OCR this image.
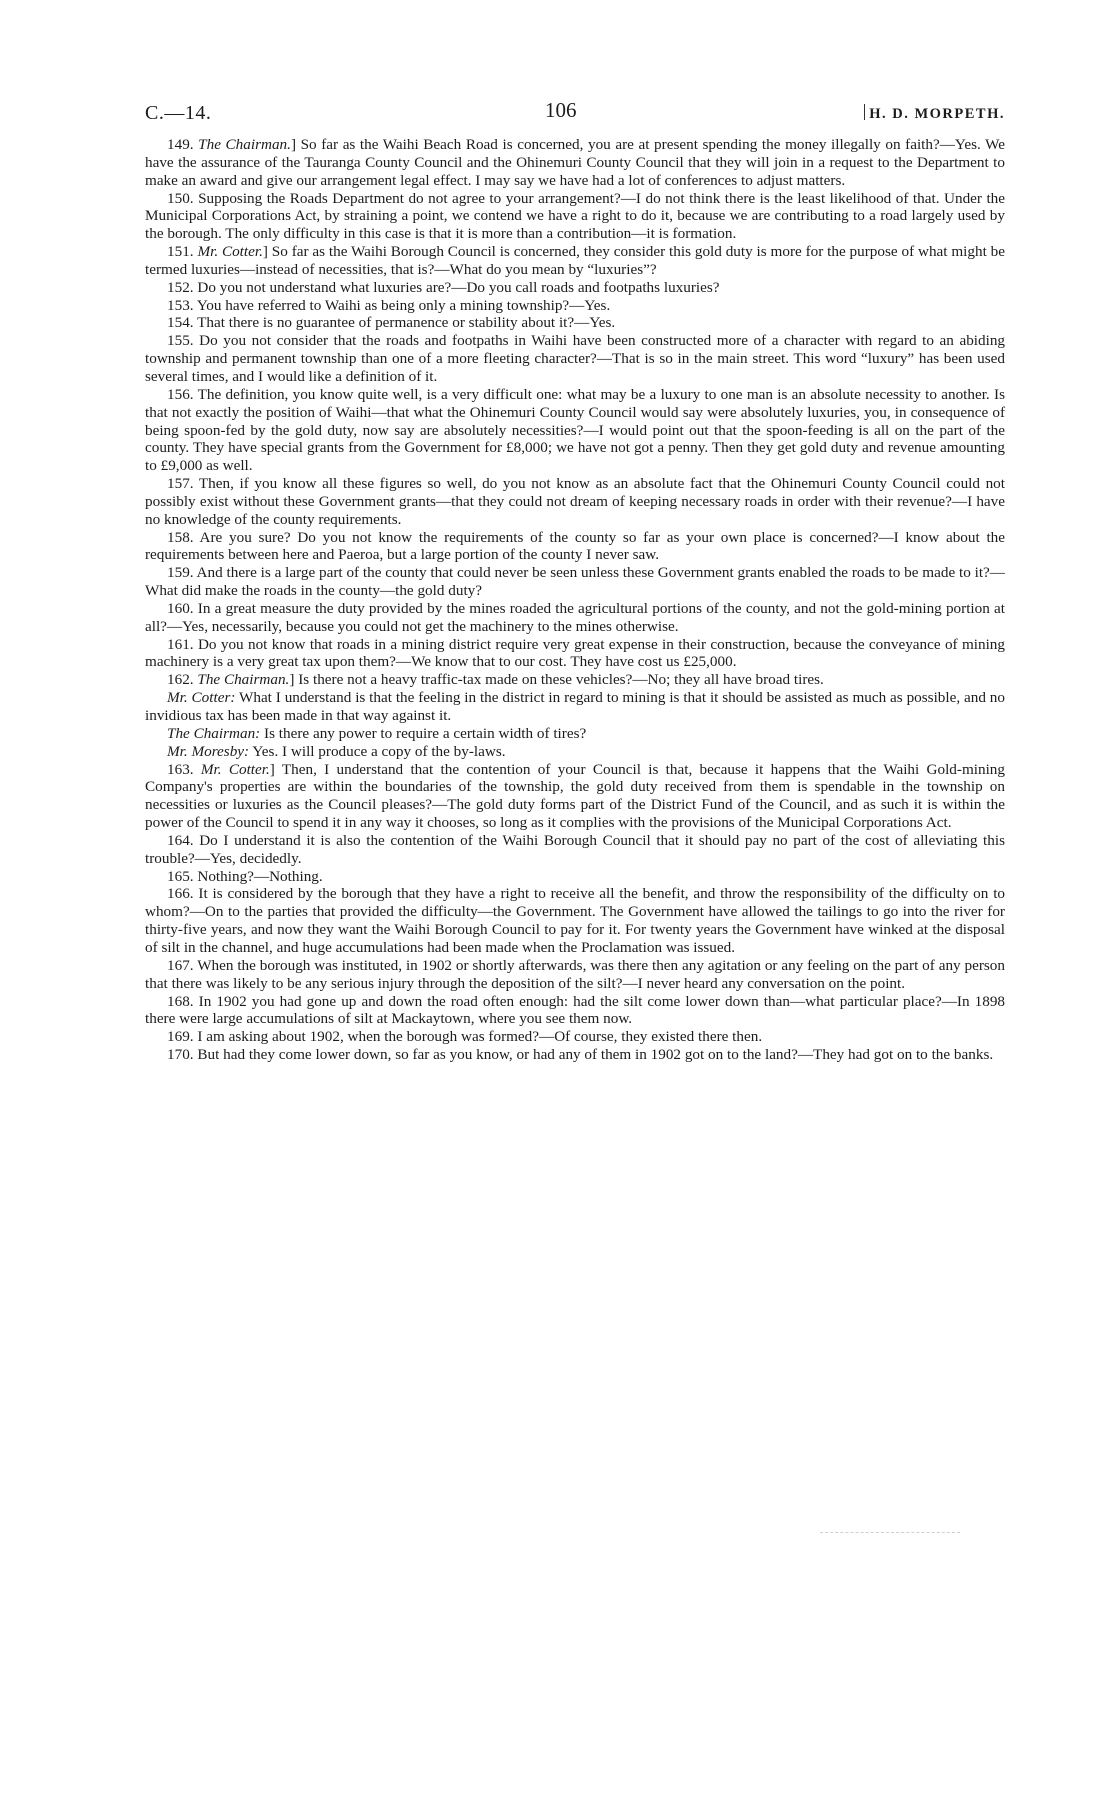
C.—14.	106	H. D. MORPETH.

149. The Chairman.] So far as the Waihi Beach Road is concerned, you are at present spending the money illegally on faith?—Yes. We have the assurance of the Tauranga County Council and the Ohinemuri County Council that they will join in a request to the Department to make an award and give our arrangement legal effect. I may say we have had a lot of conferences to adjust matters.

150. Supposing the Roads Department do not agree to your arrangement?—I do not think there is the least likelihood of that. Under the Municipal Corporations Act, by straining a point, we contend we have a right to do it, because we are contributing to a road largely used by the borough. The only difficulty in this case is that it is more than a contribution—it is formation.

151. Mr. Cotter.] So far as the Waihi Borough Council is concerned, they consider this gold duty is more for the purpose of what might be termed luxuries—instead of necessities, that is?—What do you mean by “luxuries”?

152. Do you not understand what luxuries are?—Do you call roads and footpaths luxuries?

153. You have referred to Waihi as being only a mining township?—Yes.

154. That there is no guarantee of permanence or stability about it?—Yes.

155. Do you not consider that the roads and footpaths in Waihi have been constructed more of a character with regard to an abiding township and permanent township than one of a more fleeting character?—That is so in the main street. This word “luxury” has been used several times, and I would like a definition of it.

156. The definition, you know quite well, is a very difficult one: what may be a luxury to one man is an absolute necessity to another. Is that not exactly the position of Waihi—that what the Ohinemuri County Council would say were absolutely luxuries, you, in consequence of being spoon-fed by the gold duty, now say are absolutely necessities?—I would point out that the spoon-feeding is all on the part of the county. They have special grants from the Government for £8,000; we have not got a penny. Then they get gold duty and revenue amounting to £9,000 as well.

157. Then, if you know all these figures so well, do you not know as an absolute fact that the Ohinemuri County Council could not possibly exist without these Government grants—that they could not dream of keeping necessary roads in order with their revenue?—I have no knowledge of the county requirements.

158. Are you sure? Do you not know the requirements of the county so far as your own place is concerned?—I know about the requirements between here and Paeroa, but a large portion of the county I never saw.

159. And there is a large part of the county that could never be seen unless these Government grants enabled the roads to be made to it?—What did make the roads in the county—the gold duty?

160. In a great measure the duty provided by the mines roaded the agricultural portions of the county, and not the gold-mining portion at all?—Yes, necessarily, because you could not get the machinery to the mines otherwise.

161. Do you not know that roads in a mining district require very great expense in their construction, because the conveyance of mining machinery is a very great tax upon them?—We know that to our cost. They have cost us £25,000.

162. The Chairman.] Is there not a heavy traffic-tax made on these vehicles?—No; they all have broad tires.

Mr. Cotter: What I understand is that the feeling in the district in regard to mining is that it should be assisted as much as possible, and no invidious tax has been made in that way against it.

The Chairman: Is there any power to require a certain width of tires?

Mr. Moresby: Yes. I will produce a copy of the by-laws.

163. Mr. Cotter.] Then, I understand that the contention of your Council is that, because it happens that the Waihi Gold-mining Company's properties are within the boundaries of the township, the gold duty received from them is spendable in the township on necessities or luxuries as the Council pleases?—The gold duty forms part of the District Fund of the Council, and as such it is within the power of the Council to spend it in any way it chooses, so long as it complies with the provisions of the Municipal Corporations Act.

164. Do I understand it is also the contention of the Waihi Borough Council that it should pay no part of the cost of alleviating this trouble?—Yes, decidedly.

165. Nothing?—Nothing.

166. It is considered by the borough that they have a right to receive all the benefit, and throw the responsibility of the difficulty on to whom?—On to the parties that provided the difficulty—the Government. The Government have allowed the tailings to go into the river for thirty-five years, and now they want the Waihi Borough Council to pay for it. For twenty years the Government have winked at the disposal of silt in the channel, and huge accumulations had been made when the Proclamation was issued.

167. When the borough was instituted, in 1902 or shortly afterwards, was there then any agitation or any feeling on the part of any person that there was likely to be any serious injury through the deposition of the silt?—I never heard any conversation on the point.

168. In 1902 you had gone up and down the road often enough: had the silt come lower down than—what particular place?—In 1898 there were large accumulations of silt at Mackaytown, where you see them now.

169. I am asking about 1902, when the borough was formed?—Of course, they existed there then.

170. But had they come lower down, so far as you know, or had any of them in 1902 got on to the land?—They had got on to the banks.
